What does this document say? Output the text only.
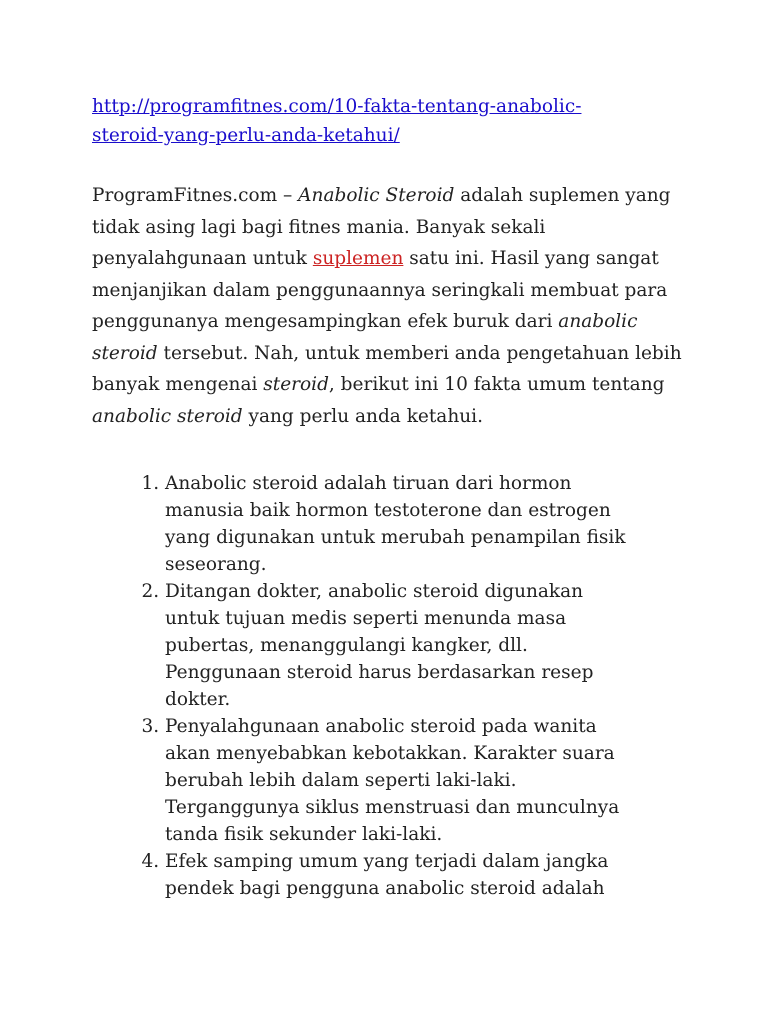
http://programfitnes.com/10-fakta-tentang-anabolic-
steroid-yang-perlu-anda-ketahui/

ProgramFitnes.com – Anabolic Steroid adalah suplemen yang tidak asing lagi bagi fitnes mania. Banyak sekali penyalahgunaan untuk suplemen satu ini. Hasil yang sangat menjanjikan dalam penggunaannya seringkali membuat para penggunanya mengesampingkan efek buruk dari anabolic steroid tersebut. Nah, untuk memberi anda pengetahuan lebih banyak mengenai steroid, berikut ini 10 fakta umum tentang anabolic steroid yang perlu anda ketahui.

1. Anabolic steroid adalah tiruan dari hormon
manusia baik hormon testoterone dan estrogen
yang digunakan untuk merubah penampilan fisik
seseorang.
2. Ditangan dokter, anabolic steroid digunakan
untuk tujuan medis seperti menunda masa
pubertas, menanggulangi kangker, dll.
Penggunaan steroid harus berdasarkan resep
dokter.
3. Penyalahgunaan anabolic steroid pada wanita
akan menyebabkan kebotakkan. Karakter suara
berubah lebih dalam seperti laki-laki.
Terganggunya siklus menstruasi dan munculnya
tanda fisik sekunder laki-laki.
4. Efek samping umum yang terjadi dalam jangka
pendek bagi pengguna anabolic steroid adalah
